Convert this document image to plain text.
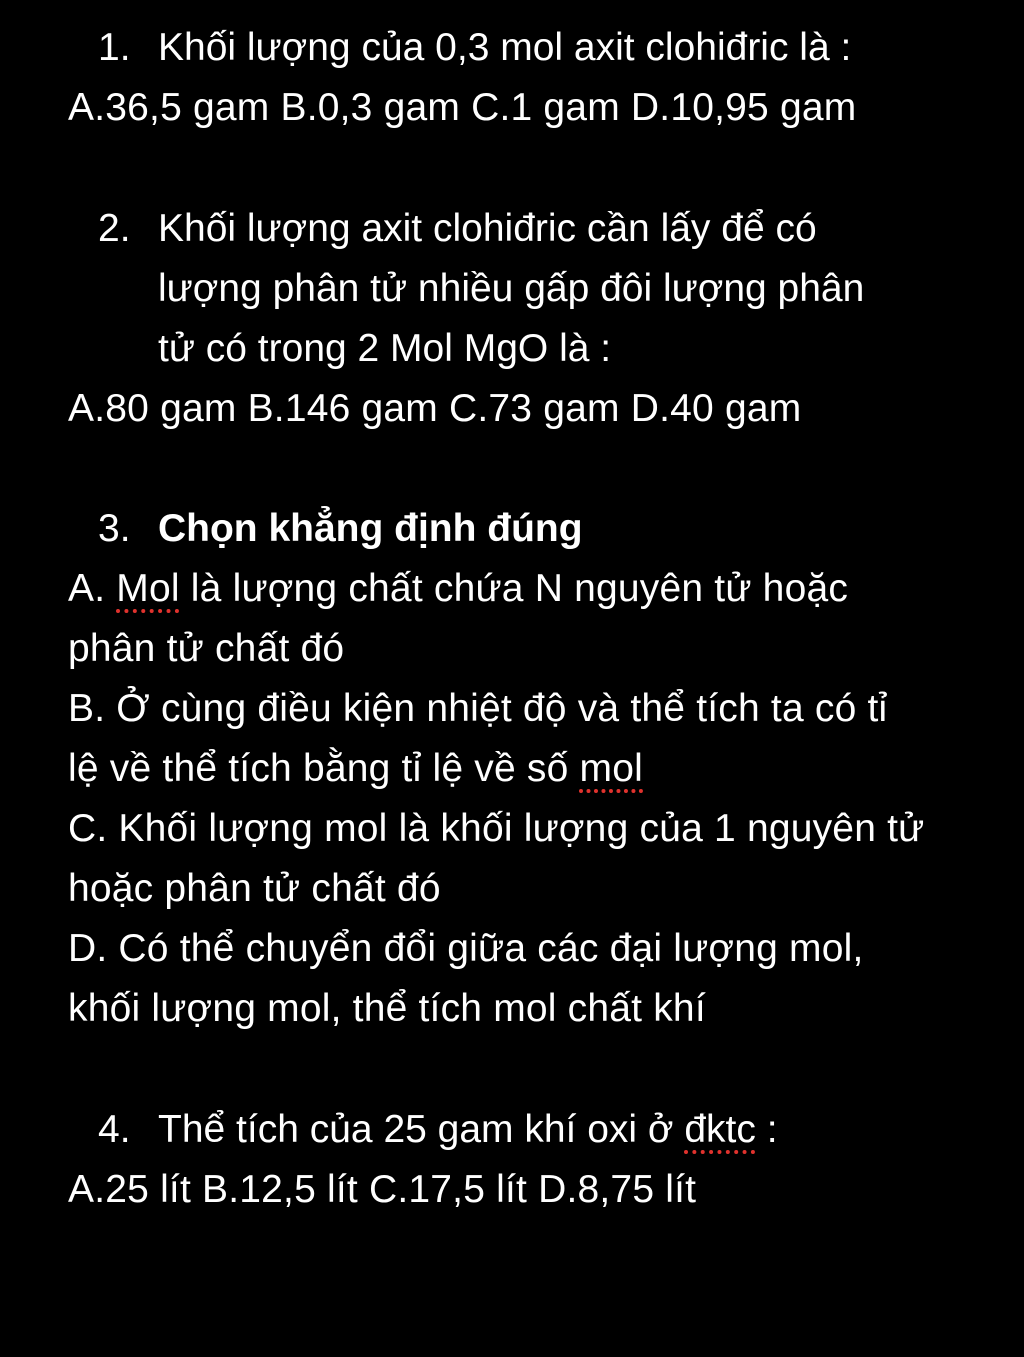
1. Khối lượng của 0,3 mol axit clohiđric là :
A.36,5 gam B.0,3 gam C.1 gam D.10,95 gam
2. Khối lượng axit clohiđric cần lấy để có
lượng phân tử nhiều gấp đôi lượng phân
tử có trong 2 Mol MgO là :
A.80 gam B.146 gam C.73 gam D.40 gam
3. Chọn khẳng định đúng
A. Mol là lượng chất chứa N nguyên tử hoặc
phân tử chất đó
B. Ở cùng điều kiện nhiệt độ và thể tích ta có tỉ
lệ về thể tích bằng tỉ lệ về số mol
C. Khối lượng mol là khối lượng của 1 nguyên tử
hoặc phân tử chất đó
D. Có thể chuyển đổi giữa các đại lượng mol,
khối lượng mol, thể tích mol chất khí
4. Thể tích của 25 gam khí oxi ở đktc :
A.25 lít B.12,5 lít C.17,5 lít D.8,75 lít
